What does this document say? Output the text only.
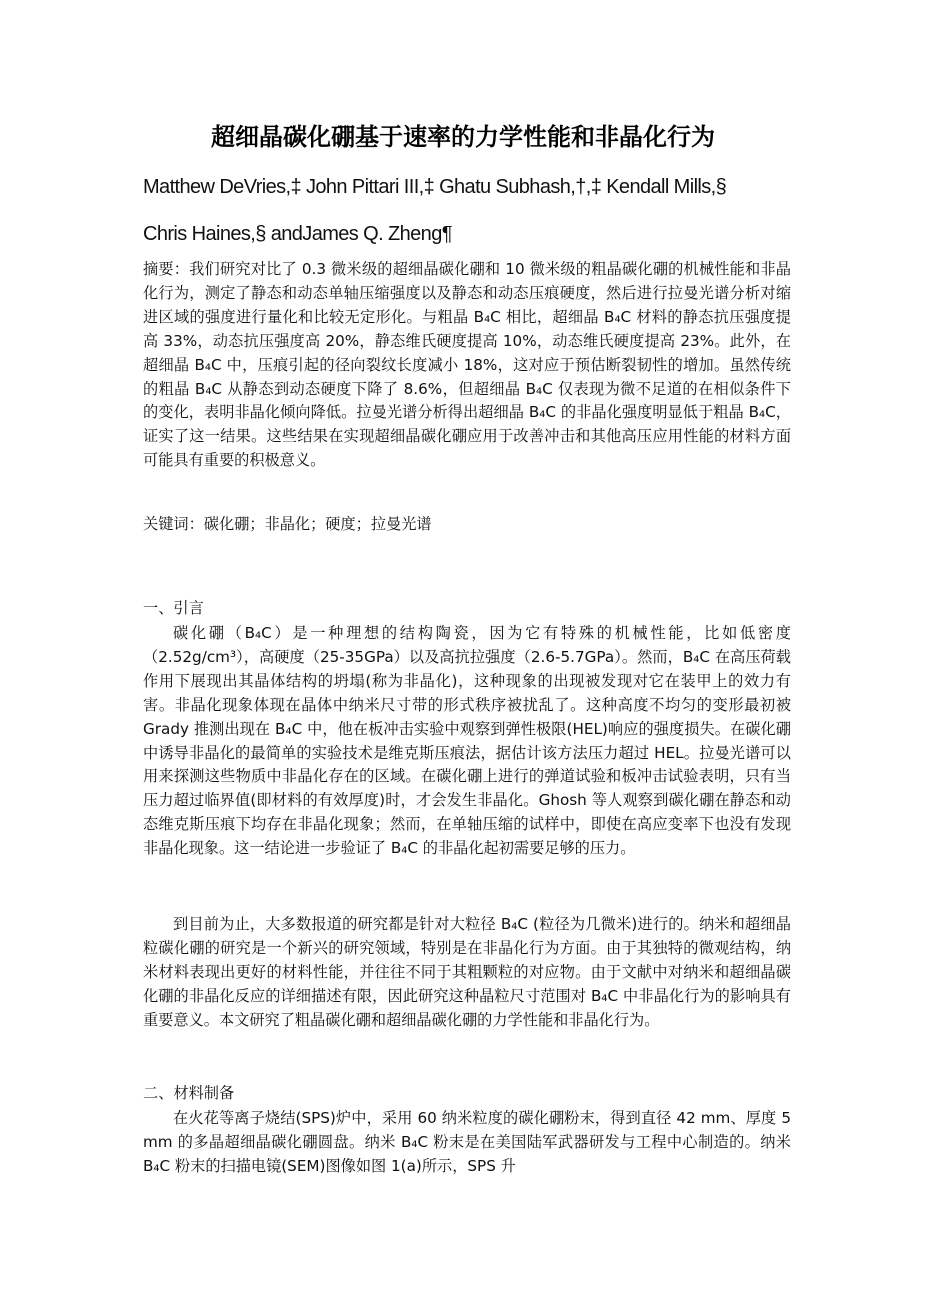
超细晶碳化硼基于速率的力学性能和非晶化行为
Matthew DeVries,‡ John Pittari III,‡ Ghatu Subhash,†,‡ Kendall Mills,§
Chris Haines,§ andJames Q. Zheng¶

摘要：我们研究对比了 0.3 微米级的超细晶碳化硼和 10 微米级的粗晶碳化硼的机械性能和非晶化行为，测定了静态和动态单轴压缩强度以及静态和动态压痕硬度，然后进行拉曼光谱分析对缩进区域的强度进行量化和比较无定形化。与粗晶 B₄C 相比，超细晶 B₄C 材料的静态抗压强度提高 33%，动态抗压强度高 20%，静态维氏硬度提高 10%，动态维氏硬度提高 23%。此外，在超细晶 B₄C 中，压痕引起的径向裂纹长度减小 18%，这对应于预估断裂韧性的增加。虽然传统的粗晶 B₄C 从静态到动态硬度下降了 8.6%，但超细晶 B₄C 仅表现为微不足道的在相似条件下的变化，表明非晶化倾向降低。拉曼光谱分析得出超细晶 B₄C 的非晶化强度明显低于粗晶 B₄C，证实了这一结果。这些结果在实现超细晶碳化硼应用于改善冲击和其他高压应用性能的材料方面可能具有重要的积极意义。

关键词：碳化硼；非晶化；硬度；拉曼光谱

一、引言

碳化硼（B₄C）是一种理想的结构陶瓷，因为它有特殊的机械性能，比如低密度（2.52g/cm³），高硬度（25-35GPa）以及高抗拉强度（2.6-5.7GPa）。然而，B₄C 在高压荷载作用下展现出其晶体结构的坍塌(称为非晶化)，这种现象的出现被发现对它在装甲上的效力有害。非晶化现象体现在晶体中纳米尺寸带的形式秩序被扰乱了。这种高度不均匀的变形最初被 Grady 推测出现在 B₄C 中，他在板冲击实验中观察到弹性极限(HEL)响应的强度损失。在碳化硼中诱导非晶化的最简单的实验技术是维克斯压痕法，据估计该方法压力超过 HEL。拉曼光谱可以用来探测这些物质中非晶化存在的区域。在碳化硼上进行的弹道试验和板冲击试验表明，只有当压力超过临界值(即材料的有效厚度)时，才会发生非晶化。Ghosh 等人观察到碳化硼在静态和动态维克斯压痕下均存在非晶化现象；然而，在单轴压缩的试样中，即使在高应变率下也没有发现非晶化现象。这一结论进一步验证了 B₄C 的非晶化起初需要足够的压力。

到目前为止，大多数报道的研究都是针对大粒径 B₄C (粒径为几微米)进行的。纳米和超细晶粒碳化硼的研究是一个新兴的研究领域，特别是在非晶化行为方面。由于其独特的微观结构，纳米材料表现出更好的材料性能，并往往不同于其粗颗粒的对应物。由于文献中对纳米和超细晶碳化硼的非晶化反应的详细描述有限，因此研究这种晶粒尺寸范围对 B₄C 中非晶化行为的影响具有重要意义。本文研究了粗晶碳化硼和超细晶碳化硼的力学性能和非晶化行为。

二、材料制备

在火花等离子烧结(SPS)炉中，采用 60 纳米粒度的碳化硼粉末，得到直径 42 mm、厚度 5 mm 的多晶超细晶碳化硼圆盘。纳米 B₄C 粉末是在美国陆军武器研发与工程中心制造的。纳米 B₄C 粉末的扫描电镜(SEM)图像如图 1(a)所示，SPS 升
